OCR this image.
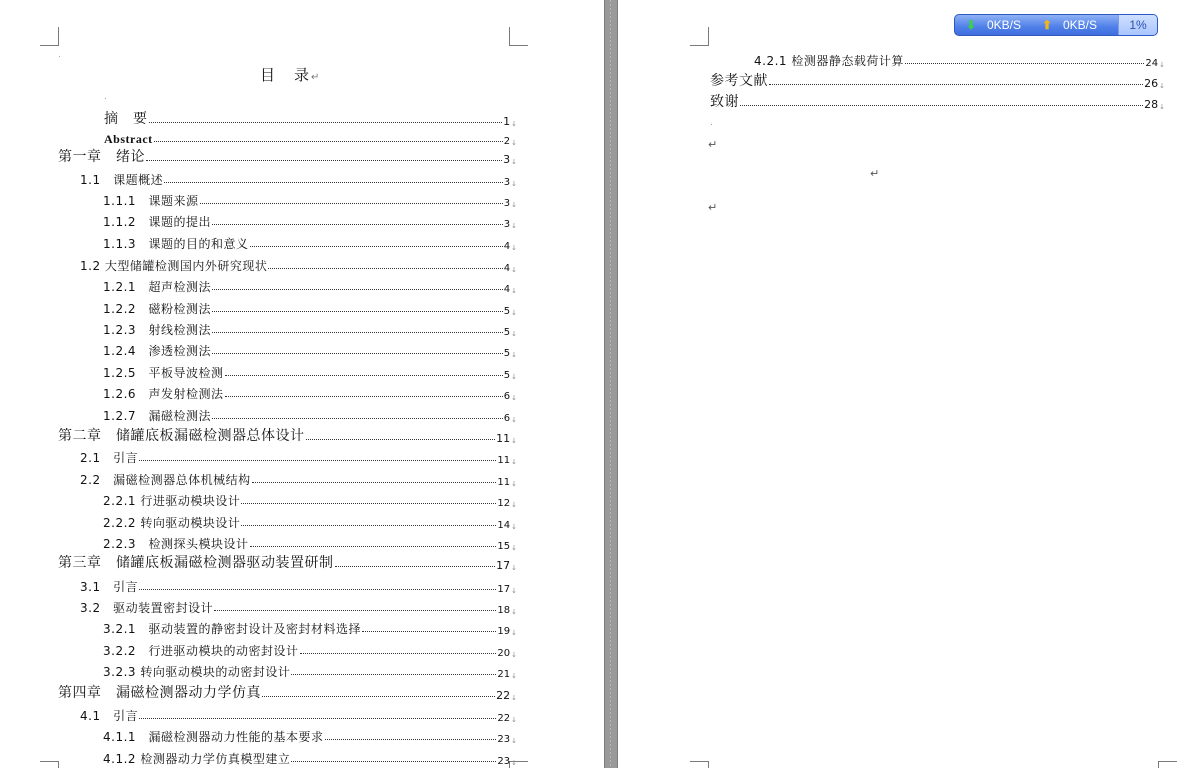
.
目　录↵
.
摘　要	1 ↓
Abstract	2 ↓
第一章　绪论	3 ↓
1.1　课题概述	3 ↓
1.1.1　课题来源	3 ↓
1.1.2　课题的提出	3 ↓
1.1.3　课题的目的和意义	4 ↓
1.2 大型储罐检测国内外研究现状	4 ↓
1.2.1　超声检测法	4 ↓
1.2.2　磁粉检测法	5 ↓
1.2.3　射线检测法	5 ↓
1.2.4　渗透检测法	5 ↓
1.2.5　平板导波检测	5 ↓
1.2.6　声发射检测法	6 ↓
1.2.7　漏磁检测法	6 ↓
第二章　储罐底板漏磁检测器总体设计	11 ↓
2.1　引言	11 ↓
2.2　漏磁检测器总体机械结构	11 ↓
2.2.1 行进驱动模块设计	12 ↓
2.2.2 转向驱动模块设计	14 ↓
2.2.3　检测探头模块设计	15 ↓
第三章　储罐底板漏磁检测器驱动装置研制	17 ↓
3.1　引言	17 ↓
3.2　驱动装置密封设计	18 ↓
3.2.1　驱动装置的静密封设计及密封材料选择	19 ↓
3.2.2　行进驱动模块的动密封设计	20 ↓
3.2.3 转向驱动模块的动密封设计	21 ↓
第四章　漏磁检测器动力学仿真	22 ↓
4.1　引言	22 ↓
4.1.1　漏磁检测器动力性能的基本要求	23 ↓
4.1.2 检测器动力学仿真模型建立	23 ↓
4.2.1 检测器静态载荷计算	24 ↓
参考文献	26 ↓
致谢	28 ↓
.
↵
↵
↵
⬇ 0KB/S	⬆ 0KB/S	1%
